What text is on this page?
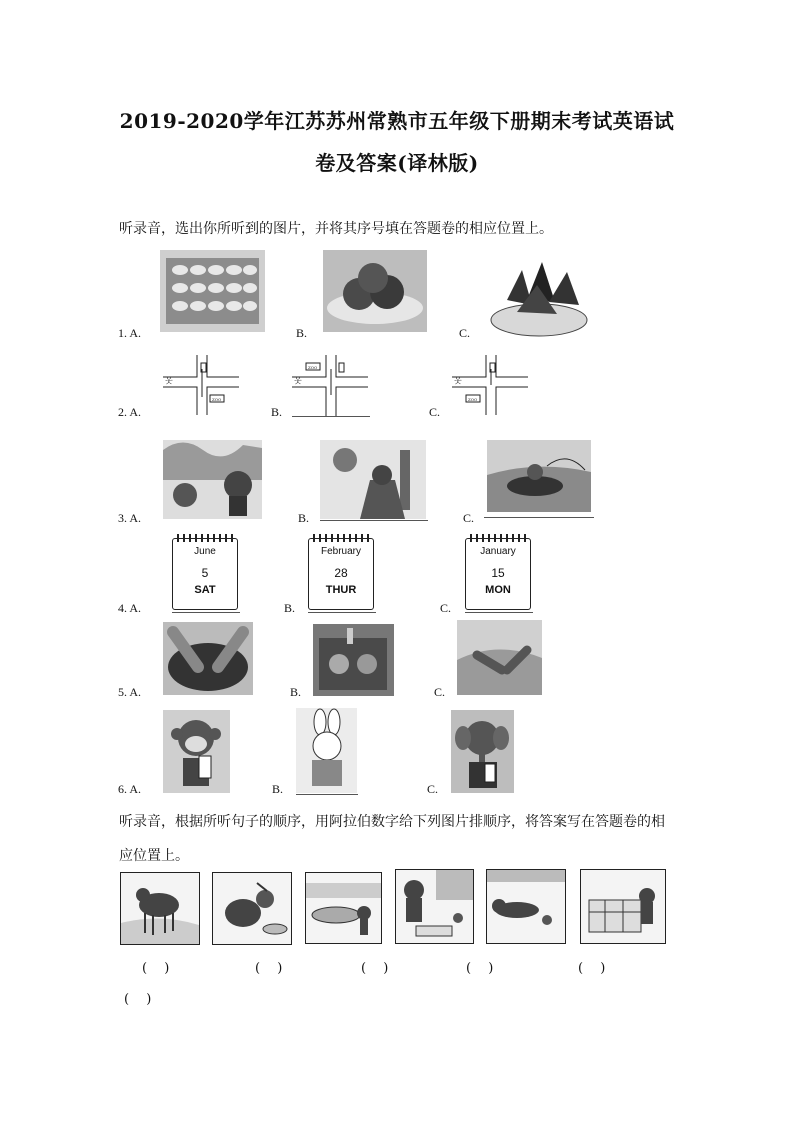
2019-2020学年江苏苏州常熟市五年级下册期末考试英语试
卷及答案(译林版)
听录音，选出你所听到的图片，并将其序号填在答题卷的相应位置上。
1. A.	B.	C.
웃
ZOO
ZOO
웃	웃
ZOO
2. A.	B.	C.
3. A.	B.	C.
June
5
SAT
February
28
THUR
January
15
MON
4. A.	B.	C.
5. A.	B.	C.
6. A.	B.	C.
听录音，根据所听句子的顺序，用阿拉伯数字给下列图片排顺序，将答案写在答题卷的相
应位置上。
(　 )	(　 )	(　 )	(　 )	(　 )
(　 )
